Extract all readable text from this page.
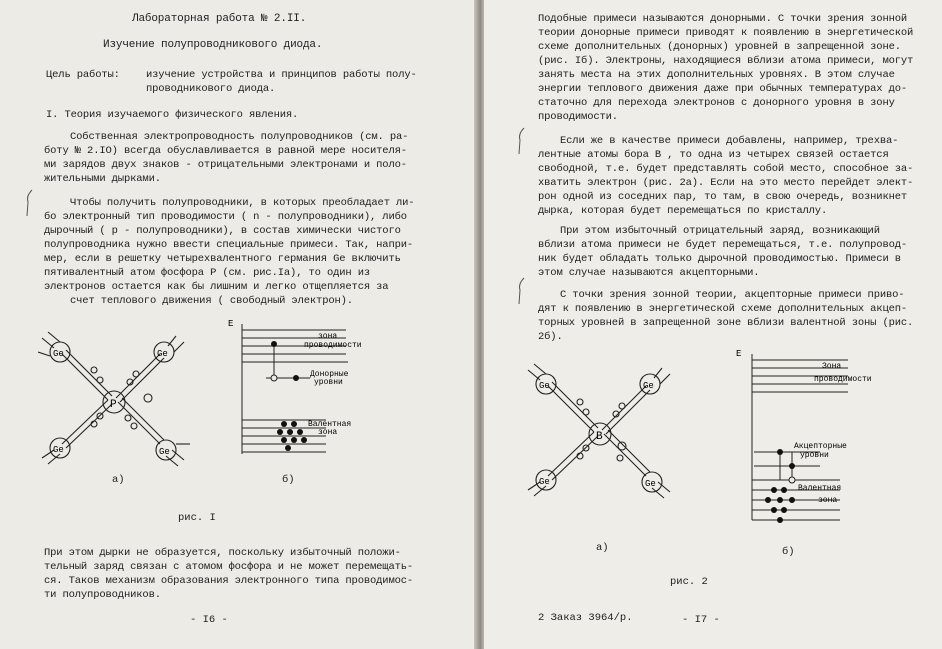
Лабораторная работа № 2.II.
Изучение полупроводникового диода.
Цель работы: изучение устройства и принципов работы полу-
проводникового диода.
I. Теория изучаемого физического явления.
Собственная электропроводность полупроводников (см. ра-
боту № 2.IO) всегда обуславливается в равной мере носителя-
ми зарядов двух знаков - отрицательными электронами и поло-
жительными дырками.
Чтобы получить полупроводники, в которых преобладает ли-
бо электронный тип проводимости ( n - полупроводники), либо
дырочный ( p - полупроводники), в состав химически чистого
полупроводника нужно ввести специальные примеси. Так, напри-
мер, если в решетку четырехвалентного германия Ge включить
пятивалентный атом фосфора P (см. рис.Iа), то один из
электронов остается как бы лишним и легко отщепляется за
счет теплового движения ( свободный электрон).
Ge	Ge
Ge	Ge
P
а)
E
зона
проводимости
Донорные
уровни
Валентная
зона
б)
рис. I
При этом дырки не образуется, поскольку избыточный положи-
тельный заряд связан с атомом фосфора и не может перемещать-
ся. Таков механизм образования электронного типа проводимос-
ти полупроводников.
- I6 -
Подобные примеси называются донорными. С точки зрения зонной
теории донорные примеси приводят к появлению в энергетической
схеме дополнительных (донорных) уровней в запрещенной зоне.
(рис. Iб). Электроны, находящиеся вблизи атома примеси, могут
занять места на этих дополнительных уровнях. В этом случае
энергии теплового движения даже при обычных температурах до-
статочно для перехода электронов с донорного уровня в зону
проводимости.
Если же в качестве примеси добавлены, например, трехва-
лентные атомы бора B , то одна из четырех связей остается
свободной, т.е. будет представлять собой место, способное за-
хватить электрон (рис. 2а). Если на это место перейдет элект-
рон одной из соседних пар, то там, в свою очередь, возникнет
дырка, которая будет перемещаться по кристаллу.
При этом избыточный отрицательный заряд, возникающий
вблизи атома примеси не будет перемещаться, т.е. полупровод-
ник будет обладать только дырочной проводимостью. Примеси в
этом случае называются акцепторными.
С точки зрения зонной теории, акцепторные примеси приво-
дят к появлению в энергетической схеме дополнительных акцеп-
торных уровней в запрещенной зоне вблизи валентной зоны (рис.
2б).
Ge	Ge
Ge	Ge
B
а)
E
Зона
проводимости
Акцепторные
уровни
Валентная
зона
б)
рис. 2
2 Заказ 3964/р.	- I7 -
